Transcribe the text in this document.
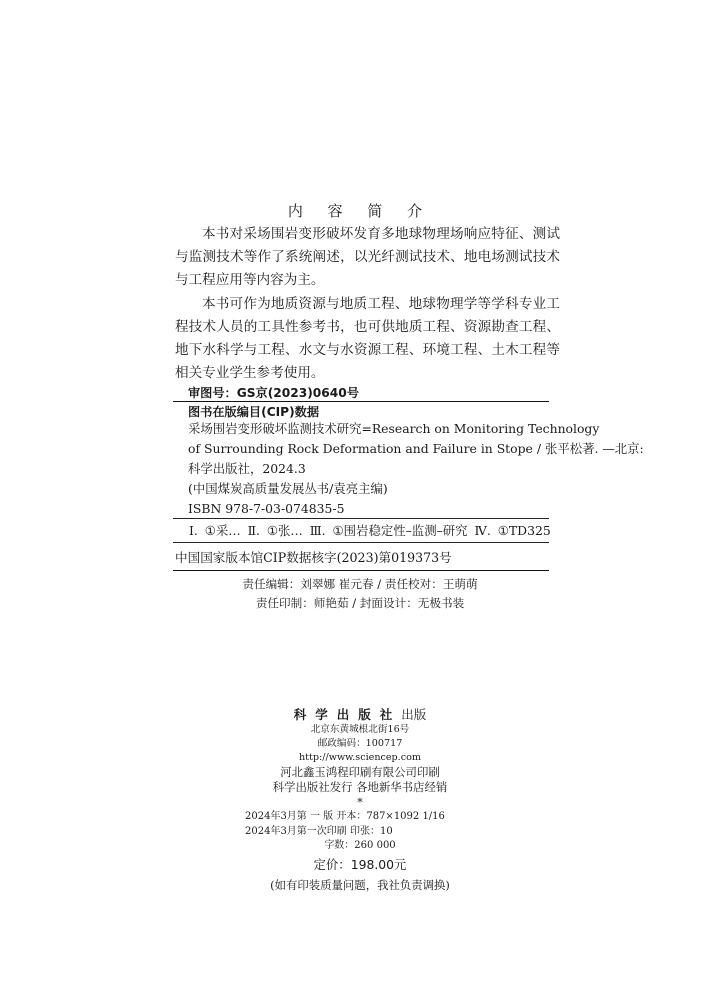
内 容 简 介
本书对采场围岩变形破坏发育多地球物理场响应特征、测试与监测技术等作了系统阐述，以光纤测试技术、地电场测试技术与工程应用等内容为主。
本书可作为地质资源与地质工程、地球物理学等学科专业工程技术人员的工具性参考书，也可供地质工程、资源勘查工程、地下水科学与工程、水文与水资源工程、环境工程、土木工程等相关专业学生参考使用。
审图号：GS京(2023)0640号
图书在版编目(CIP)数据
采场围岩变形破坏监测技术研究=Research on Monitoring Technology
of Surrounding Rock Deformation and Failure in Stope / 张平松著. —北京:
科学出版社，2024.3
(中国煤炭高质量发展丛书/袁亮主编)
ISBN 978-7-03-074835-5
Ⅰ. ①采… Ⅱ. ①张… Ⅲ. ①围岩稳定性–监测–研究 Ⅳ. ①TD325
中国国家版本馆CIP数据核字(2023)第019373号
责任编辑：刘翠娜 崔元春 / 责任校对：王萌萌
责任印制：师艳茹 / 封面设计：无极书装
科学出版社出版
北京东黄城根北街16号
邮政编码：100717
http://www.sciencep.com
河北鑫玉鸿程印刷有限公司印刷
科学出版社发行 各地新华书店经销
*
2024年3月第 一 版 开本：787×1092 1/16
2024年3月第一次印刷 印张：10
字数：260 000
定价：198.00元
(如有印装质量问题，我社负责调换)
